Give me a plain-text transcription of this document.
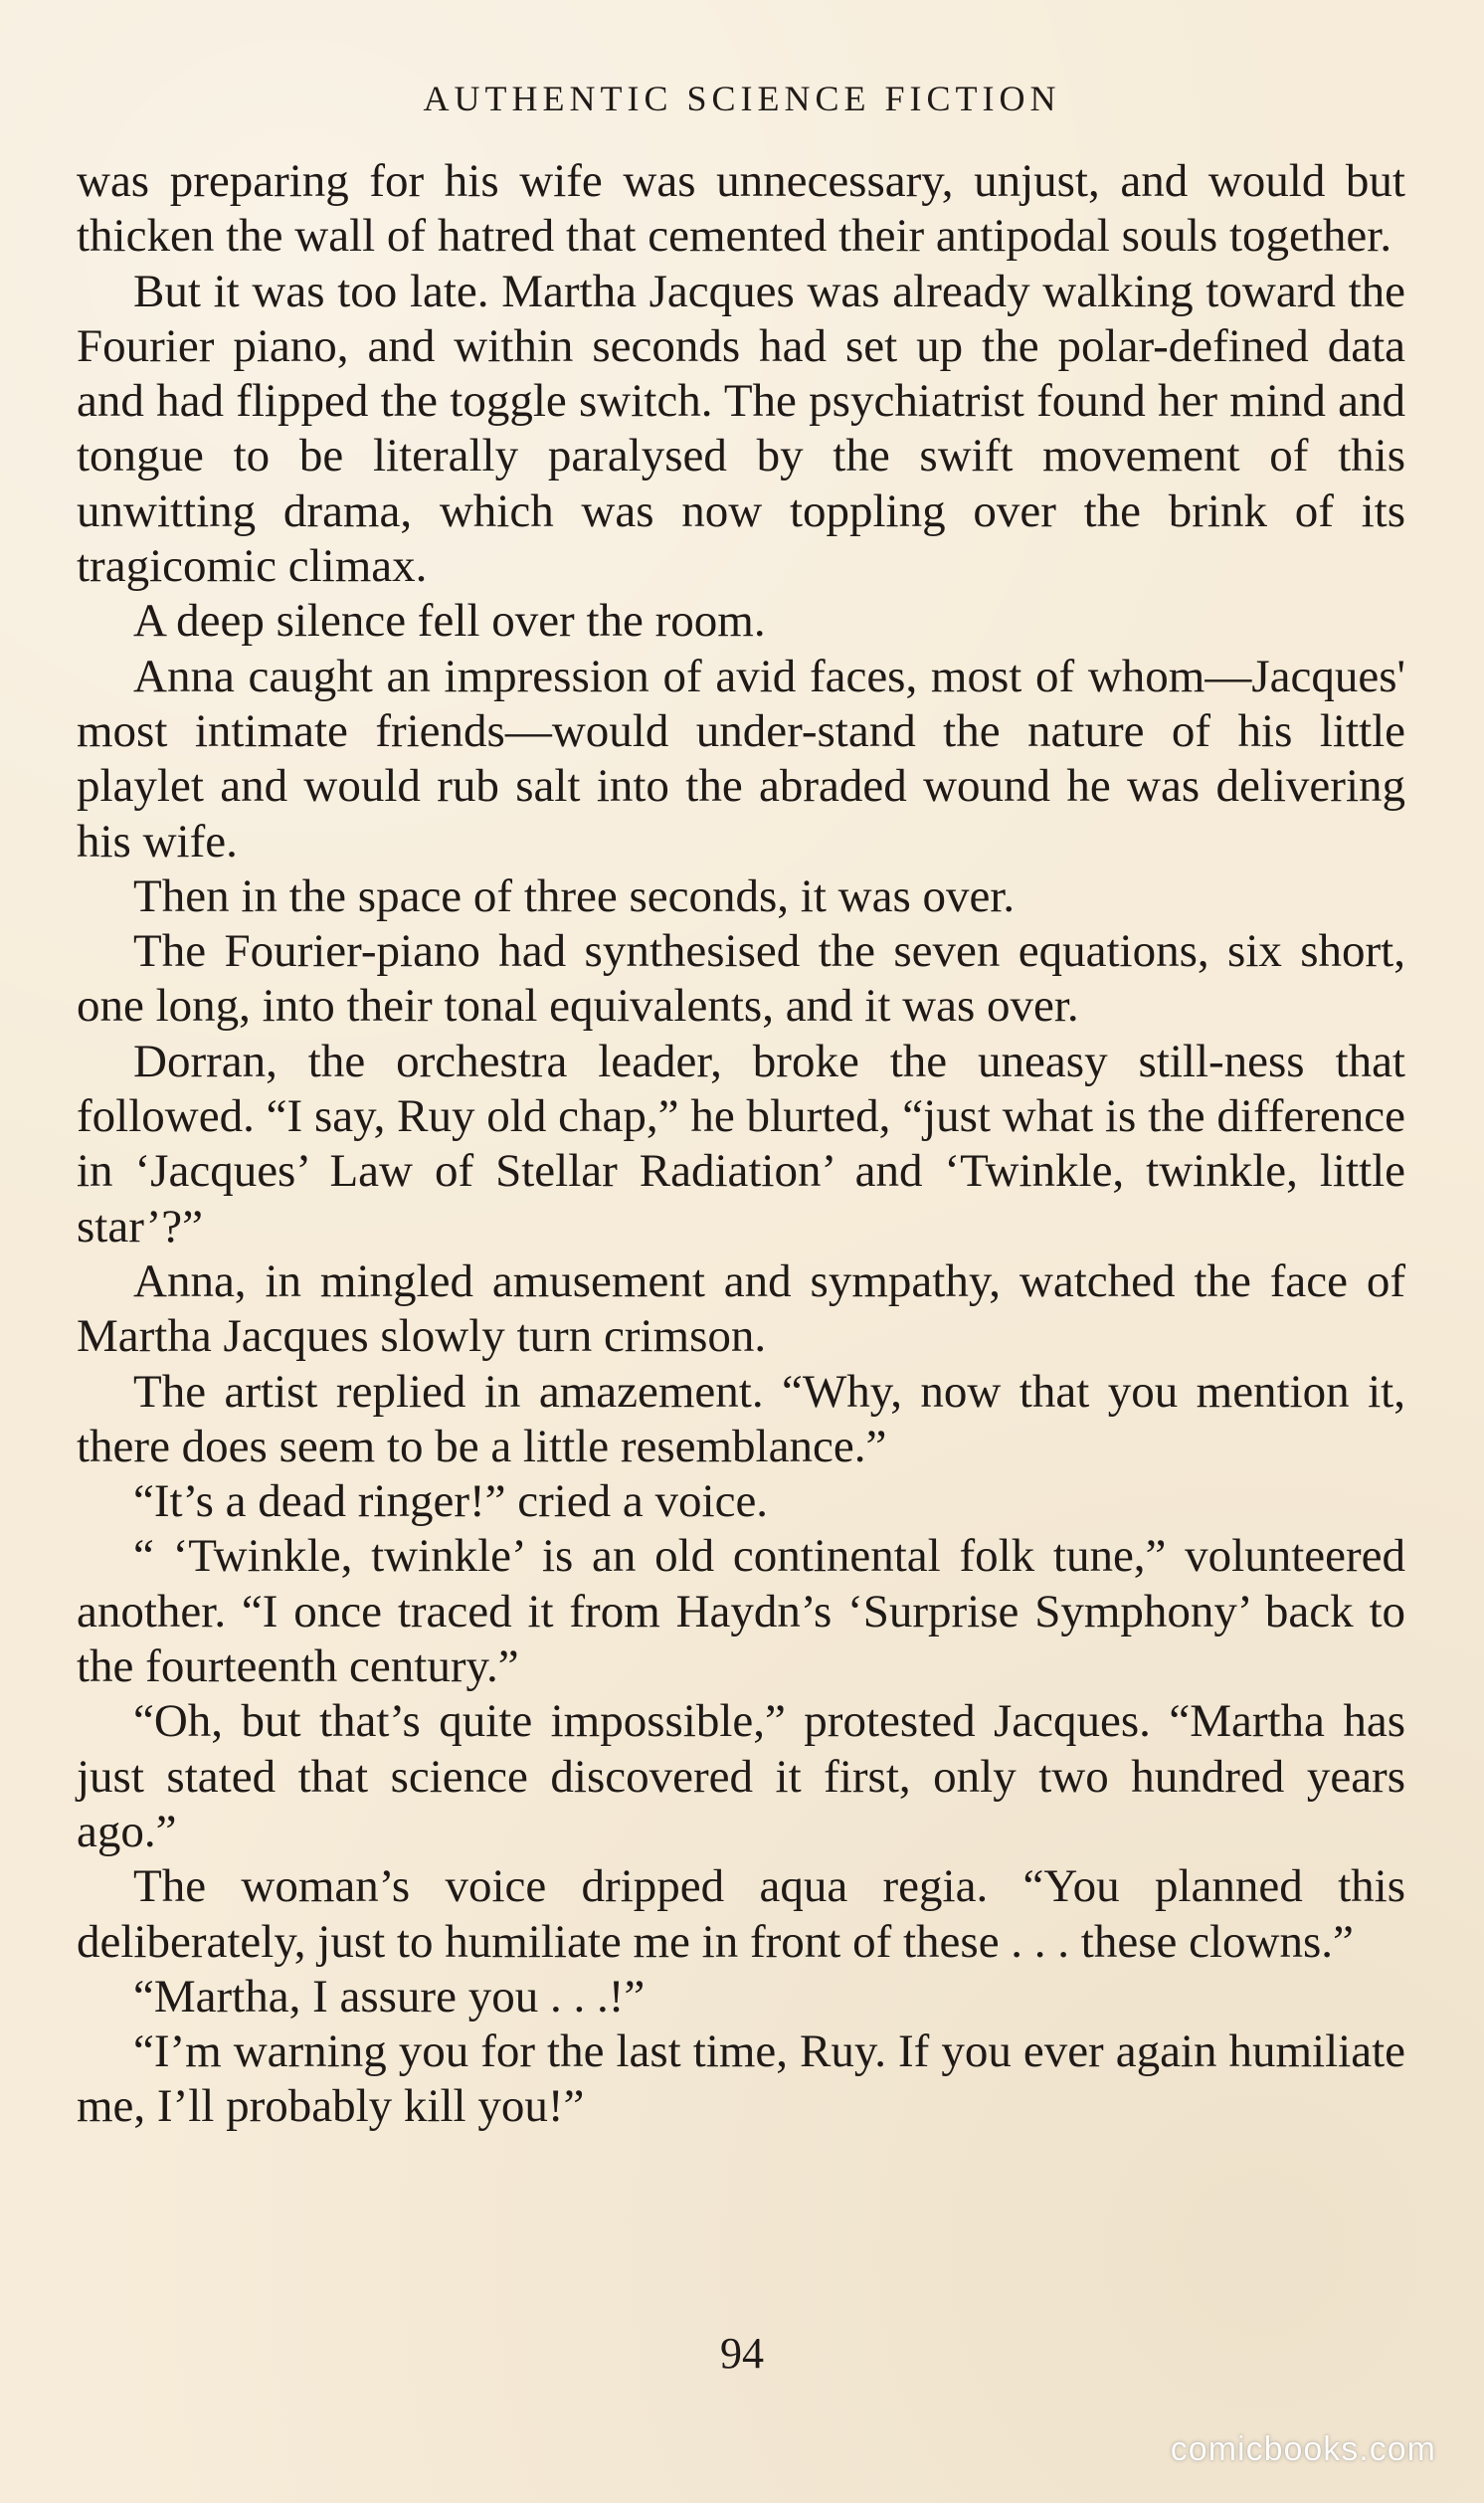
AUTHENTIC SCIENCE FICTION

was preparing for his wife was unnecessary, unjust, and would but thicken the wall of hatred that cemented their antipodal souls together.

But it was too late. Martha Jacques was already walking toward the Fourier piano, and within seconds had set up the polar-defined data and had flipped the toggle switch. The psychiatrist found her mind and tongue to be literally paralysed by the swift movement of this unwitting drama, which was now toppling over the brink of its tragicomic climax.

A deep silence fell over the room.

Anna caught an impression of avid faces, most of whom—Jacques' most intimate friends—would under-stand the nature of his little playlet and would rub salt into the abraded wound he was delivering his wife.

Then in the space of three seconds, it was over.

The Fourier-piano had synthesised the seven equations, six short, one long, into their tonal equivalents, and it was over.

Dorran, the orchestra leader, broke the uneasy still-ness that followed. “I say, Ruy old chap,” he blurted, “just what is the difference in ‘Jacques’ Law of Stellar Radiation’ and ‘Twinkle, twinkle, little star’?”

Anna, in mingled amusement and sympathy, watched the face of Martha Jacques slowly turn crimson.

The artist replied in amazement. “Why, now that you mention it, there does seem to be a little resemblance.”

“It’s a dead ringer!” cried a voice.

“ ‘Twinkle, twinkle’ is an old continental folk tune,” volunteered another. “I once traced it from Haydn’s ‘Surprise Symphony’ back to the fourteenth century.”

“Oh, but that’s quite impossible,” protested Jacques. “Martha has just stated that science discovered it first, only two hundred years ago.”

The woman’s voice dripped aqua regia. “You planned this deliberately, just to humiliate me in front of these . . . these clowns.”

“Martha, I assure you . . .!”

“I’m warning you for the last time, Ruy. If you ever again humiliate me, I’ll probably kill you!”

94
comicbooks.com
